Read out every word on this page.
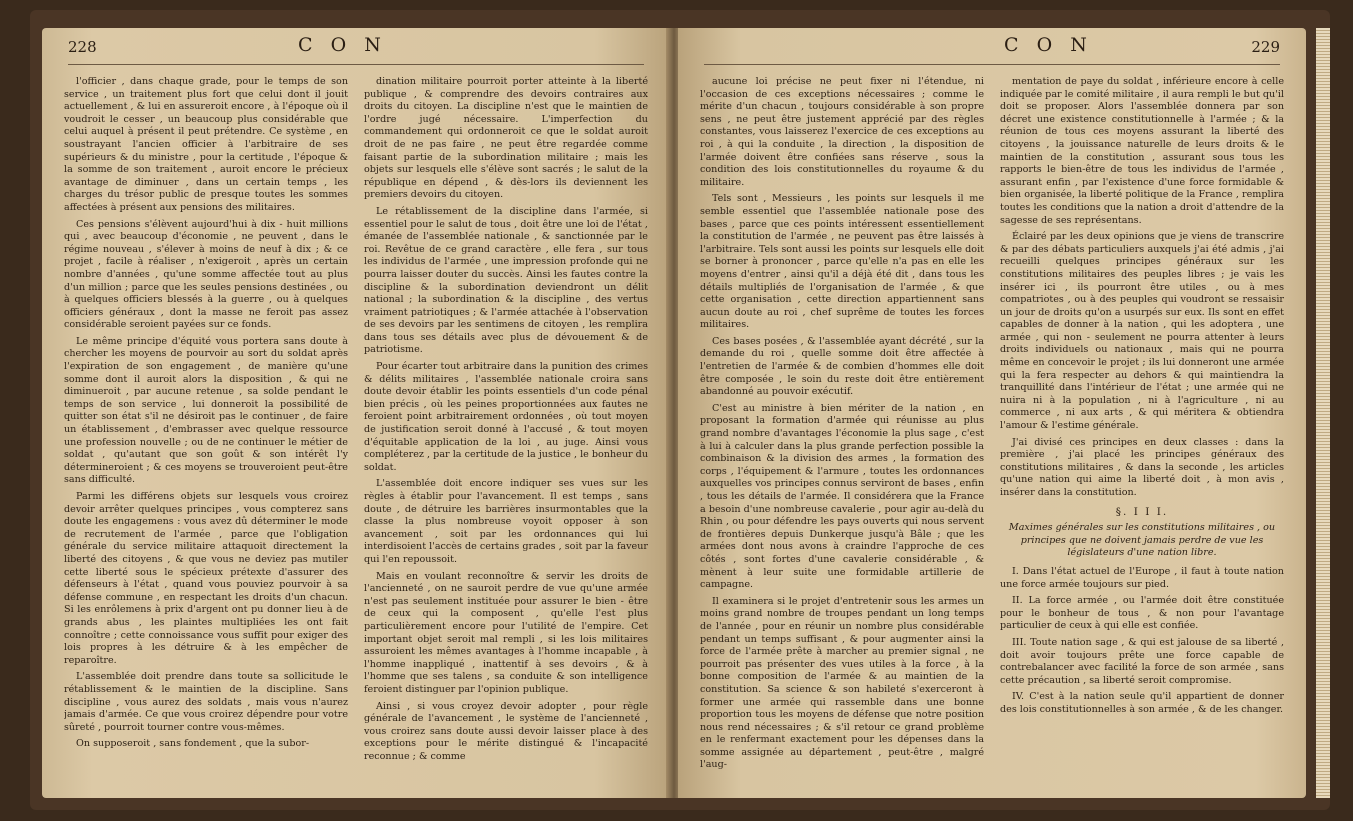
228	C O N

l'officier , dans chaque grade, pour le temps de son service , un traitement plus fort que celui dont il jouit actuellement , & lui en assureroit encore , à l'époque où il voudroit le cesser , un beaucoup plus considérable que celui auquel à présent il peut prétendre. Ce système , en soustrayant l'ancien officier à l'arbitraire de ses supérieurs & du ministre , pour la certitude , l'époque & la somme de son traitement , auroit encore le précieux avantage de diminuer , dans un certain temps , les charges du trésor public de presque toutes les sommes affectées à présent aux pensions des militaires.

Ces pensions s'élèvent aujourd'hui à dix - huit millions qui , avec beaucoup d'économie , ne peuvent , dans le régime nouveau , s'élever à moins de neuf à dix ; & ce projet , facile à réaliser , n'exigeroit , après un certain nombre d'années , qu'une somme affectée tout au plus d'un million ; parce que les seules pensions destinées , ou à quelques officiers blessés à la guerre , ou à quelques officiers généraux , dont la masse ne feroit pas assez considérable seroient payées sur ce fonds.

Le même principe d'équité vous portera sans doute à chercher les moyens de pourvoir au sort du soldat après l'expiration de son engagement , de manière qu'une somme dont il auroit alors la disposition , & qui ne diminueroit , par aucune retenue , sa solde pendant le temps de son service , lui donneroit la possibilité de quitter son état s'il ne désiroit pas le continuer , de faire un établissement , d'embrasser avec quelque ressource une profession nouvelle ; ou de ne continuer le métier de soldat , qu'autant que son goût & son intérêt l'y détermineroient ; & ces moyens se trouveroient peut-être sans difficulté.

Parmi les différens objets sur lesquels vous croirez devoir arrêter quelques principes , vous compterez sans doute les engagemens : vous avez dû déterminer le mode de recrutement de l'armée , parce que l'obligation générale du service militaire attaquoit directement la liberté des citoyens , & que vous ne deviez pas mutiler cette liberté sous le spécieux prétexte d'assurer des défenseurs à l'état , quand vous pouviez pourvoir à sa défense commune , en respectant les droits d'un chacun. Si les enrôlemens à prix d'argent ont pu donner lieu à de grands abus , les plaintes multipliées les ont fait connoître ; cette connoissance vous suffit pour exiger des lois propres à les détruire & à les empêcher de reparoître.

L'assemblée doit prendre dans toute sa sollicitude le rétablissement & le maintien de la discipline. Sans discipline , vous aurez des soldats , mais vous n'aurez jamais d'armée. Ce que vous croirez dépendre pour votre sûreté , pourroit tourner contre vous-mêmes.

On supposeroit , sans fondement , que la subor-

dination militaire pourroit porter atteinte à la liberté publique , & comprendre des devoirs contraires aux droits du citoyen. La discipline n'est que le maintien de l'ordre jugé nécessaire. L'imperfection du commandement qui ordonneroit ce que le soldat auroit droit de ne pas faire , ne peut être regardée comme faisant partie de la subordination militaire ; mais les objets sur lesquels elle s'élève sont sacrés ; le salut de la république en dépend , & dès-lors ils deviennent les premiers devoirs du citoyen.

Le rétablissement de la discipline dans l'armée, si essentiel pour le salut de tous , doit être une loi de l'état , émanée de l'assemblée nationale , & sanctionnée par le roi. Revêtue de ce grand caractère , elle fera , sur tous les individus de l'armée , une impression profonde qui ne pourra laisser douter du succès. Ainsi les fautes contre la discipline & la subordination deviendront un délit national ; la subordination & la discipline , des vertus vraiment patriotiques ; & l'armée attachée à l'observation de ses devoirs par les sentimens de citoyen , les remplira dans tous ses détails avec plus de dévouement & de patriotisme.

Pour écarter tout arbitraire dans la punition des crimes & délits militaires , l'assemblée nationale croira sans doute devoir établir les points essentiels d'un code pénal bien précis , où les peines proportionnées aux fautes ne feroient point arbitrairement ordonnées , où tout moyen de justification seroit donné à l'accusé , & tout moyen d'équitable application de la loi , au juge. Ainsi vous compléterez , par la certitude de la justice , le bonheur du soldat.

L'assemblée doit encore indiquer ses vues sur les règles à établir pour l'avancement. Il est temps , sans doute , de détruire les barrières insurmontables que la classe la plus nombreuse voyoit opposer à son avancement , soit par les ordonnances qui lui interdisoient l'accès de certains grades , soit par la faveur qui l'en repoussoit.

Mais en voulant reconnoître & servir les droits de l'ancienneté , on ne sauroit perdre de vue qu'une armée n'est pas seulement instituée pour assurer le bien - être de ceux qui la composent , qu'elle l'est plus particulièrement encore pour l'utilité de l'empire. Cet important objet seroit mal rempli , si les lois militaires assuroient les mêmes avantages à l'homme incapable , à l'homme inappliqué , inattentif à ses devoirs , & à l'homme que ses talens , sa conduite & son intelligence feroient distinguer par l'opinion publique.

Ainsi , si vous croyez devoir adopter , pour règle générale de l'avancement , le système de l'ancienneté , vous croirez sans doute aussi devoir laisser place à des exceptions pour le mérite distingué & l'incapacité reconnue ; & comme

C O N	229

aucune loi précise ne peut fixer ni l'étendue, ni l'occasion de ces exceptions nécessaires ; comme le mérite d'un chacun , toujours considérable à son propre sens , ne peut être justement apprécié par des règles constantes, vous laisserez l'exercice de ces exceptions au roi , à qui la conduite , la direction , la disposition de l'armée doivent être confiées sans réserve , sous la condition des lois constitutionnelles du royaume & du militaire.

Tels sont , Messieurs , les points sur lesquels il me semble essentiel que l'assemblée nationale pose des bases , parce que ces points intéressent essentiellement la constitution de l'armée , ne peuvent pas être laissés à l'arbitraire. Tels sont aussi les points sur lesquels elle doit se borner à prononcer , parce qu'elle n'a pas en elle les moyens d'entrer , ainsi qu'il a déjà été dit , dans tous les détails multipliés de l'organisation de l'armée , & que cette organisation , cette direction appartiennent sans aucun doute au roi , chef suprême de toutes les forces militaires.

Ces bases posées , & l'assemblée ayant décrété , sur la demande du roi , quelle somme doit être affectée à l'entretien de l'armée & de combien d'hommes elle doit être composée , le soin du reste doit être entièrement abandonné au pouvoir exécutif.

C'est au ministre à bien mériter de la nation , en proposant la formation d'armée qui réunisse au plus grand nombre d'avantages l'économie la plus sage , c'est à lui à calculer dans la plus grande perfection possible la combinaison & la division des armes , la formation des corps , l'équipement & l'armure , toutes les ordonnances auxquelles vos principes connus serviront de bases , enfin , tous les détails de l'armée. Il considérera que la France a besoin d'une nombreuse cavalerie , pour agir au-delà du Rhin , ou pour défendre les pays ouverts qui nous servent de frontières depuis Dunkerque jusqu'à Bâle ; que les armées dont nous avons à craindre l'approche de ces côtés , sont fortes d'une cavalerie considérable , & mènent à leur suite une formidable artillerie de campagne.

Il examinera si le projet d'entretenir sous les armes un moins grand nombre de troupes pendant un long temps de l'année , pour en réunir un nombre plus considérable pendant un temps suffisant , & pour augmenter ainsi la force de l'armée prête à marcher au premier signal , ne pourroit pas présenter des vues utiles à la force , à la bonne composition de l'armée & au maintien de la constitution. Sa science & son habileté s'exerceront à former une armée qui rassemble dans une bonne proportion tous les moyens de défense que notre position nous rend nécessaires ; & s'il retour ce grand problème en le renfermant exactement pour les dépenses dans la somme assignée au département , peut-être , malgré l'aug-

mentation de paye du soldat , inférieure encore à celle indiquée par le comité militaire , il aura rempli le but qu'il doit se proposer. Alors l'assemblée donnera par son décret une existence constitutionnelle à l'armée ; & la réunion de tous ces moyens assurant la liberté des citoyens , la jouissance naturelle de leurs droits & le maintien de la constitution , assurant sous tous les rapports le bien-être de tous les individus de l'armée , assurant enfin , par l'existence d'une force formidable & bien organisée, la liberté politique de la France , remplira toutes les conditions que la nation a droit d'attendre de la sagesse de ses représentans.

Éclairé par les deux opinions que je viens de transcrire & par des débats particuliers auxquels j'ai été admis , j'ai recueilli quelques principes généraux sur les constitutions militaires des peuples libres ; je vais les insérer ici , ils pourront être utiles , ou à mes compatriotes , ou à des peuples qui voudront se ressaisir un jour de droits qu'on a usurpés sur eux. Ils sont en effet capables de donner à la nation , qui les adoptera , une armée , qui non - seulement ne pourra attenter à leurs droits individuels ou nationaux , mais qui ne pourra même en concevoir le projet ; ils lui donneront une armée qui la fera respecter au dehors & qui maintiendra la tranquillité dans l'intérieur de l'état ; une armée qui ne nuira ni à la population , ni à l'agriculture , ni au commerce , ni aux arts , & qui méritera & obtiendra l'amour & l'estime générale.

J'ai divisé ces principes en deux classes : dans la première , j'ai placé les principes généraux des constitutions militaires , & dans la seconde , les articles qu'une nation qui aime la liberté doit , à mon avis , insérer dans la constitution.

§. I I I.

Maximes générales sur les constitutions militaires , ou principes que ne doivent jamais perdre de vue les législateurs d'une nation libre.

I. Dans l'état actuel de l'Europe , il faut à toute nation une force armée toujours sur pied.

II. La force armée , ou l'armée doit être constituée pour le bonheur de tous , & non pour l'avantage particulier de ceux à qui elle est confiée.

III. Toute nation sage , & qui est jalouse de sa liberté , doit avoir toujours prête une force capable de contrebalancer avec facilité la force de son armée , sans cette précaution , sa liberté seroit compromise.

IV. C'est à la nation seule qu'il appartient de donner des lois constitutionnelles à son armée , & de les changer.
